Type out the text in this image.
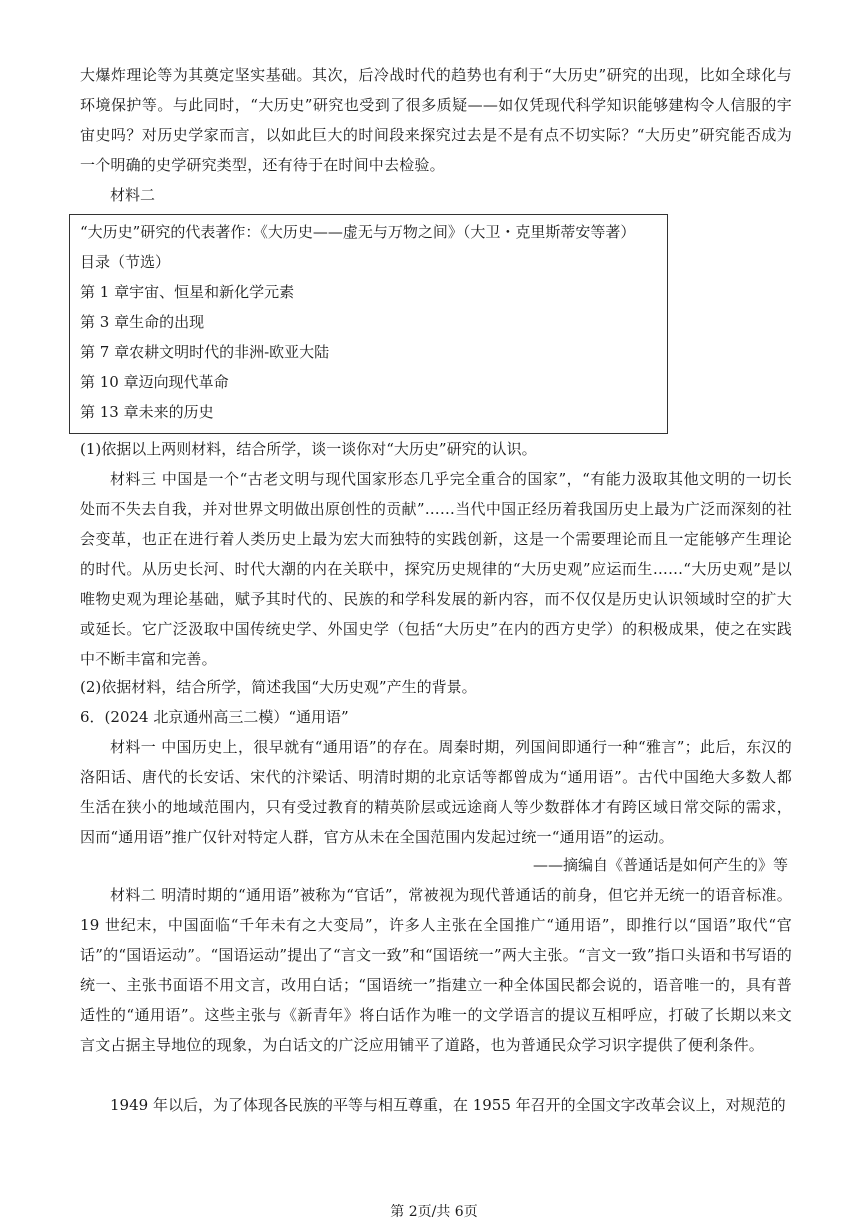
大爆炸理论等为其奠定坚实基础。其次，后冷战时代的趋势也有利于“大历史”研究的出现，比如全球化与环境保护等。与此同时，“大历史”研究也受到了很多质疑——如仅凭现代科学知识能够建构令人信服的宇宙史吗？对历史学家而言，以如此巨大的时间段来探究过去是不是有点不切实际？“大历史”研究能否成为一个明确的史学研究类型，还有待于在时间中去检验。

材料二

“大历史”研究的代表著作：《大历史——虚无与万物之间》（大卫・克里斯蒂安等著）

目录（节选）

第 1 章宇宙、恒星和新化学元素

第 3 章生命的出现

第 7 章农耕文明时代的非洲-欧亚大陆

第 10 章迈向现代革命

第 13 章未来的历史

(1)依据以上两则材料，结合所学，谈一谈你对“大历史”研究的认识。

材料三 中国是一个“古老文明与现代国家形态几乎完全重合的国家”，“有能力汲取其他文明的一切长处而不失去自我，并对世界文明做出原创性的贡献”……当代中国正经历着我国历史上最为广泛而深刻的社会变革，也正在进行着人类历史上最为宏大而独特的实践创新，这是一个需要理论而且一定能够产生理论的时代。从历史长河、时代大潮的内在关联中，探究历史规律的“大历史观”应运而生……“大历史观”是以唯物史观为理论基础，赋予其时代的、民族的和学科发展的新内容，而不仅仅是历史认识领域时空的扩大或延长。它广泛汲取中国传统史学、外国史学（包括“大历史”在内的西方史学）的积极成果，使之在实践中不断丰富和完善。

(2)依据材料，结合所学，简述我国“大历史观”产生的背景。

6．(2024 北京通州高三二模）“通用语”

材料一 中国历史上，很早就有“通用语”的存在。周秦时期，列国间即通行一种“雅言”；此后，东汉的洛阳话、唐代的长安话、宋代的汴梁话、明清时期的北京话等都曾成为“通用语”。古代中国绝大多数人都生活在狭小的地域范围内，只有受过教育的精英阶层或远途商人等少数群体才有跨区域日常交际的需求，因而“通用语”推广仅针对特定人群，官方从未在全国范围内发起过统一“通用语”的运动。

——摘编自《普通话是如何产生的》等

材料二 明清时期的“通用语”被称为“官话”，常被视为现代普通话的前身，但它并无统一的语音标准。19 世纪末，中国面临“千年未有之大变局”，许多人主张在全国推广“通用语”，即推行以“国语”取代“官话”的“国语运动”。“国语运动”提出了“言文一致”和“国语统一”两大主张。“言文一致”指口头语和书写语的统一、主张书面语不用文言，改用白话；“国语统一”指建立一种全体国民都会说的，语音唯一的，具有普适性的“通用语”。这些主张与《新青年》将白话作为唯一的文学语言的提议互相呼应，打破了长期以来文言文占据主导地位的现象，为白话文的广泛应用铺平了道路，也为普通民众学习识字提供了便利条件。

1949 年以后，为了体现各民族的平等与相互尊重，在 1955 年召开的全国文字改革会议上，对规范的

第 2页/共 6页
